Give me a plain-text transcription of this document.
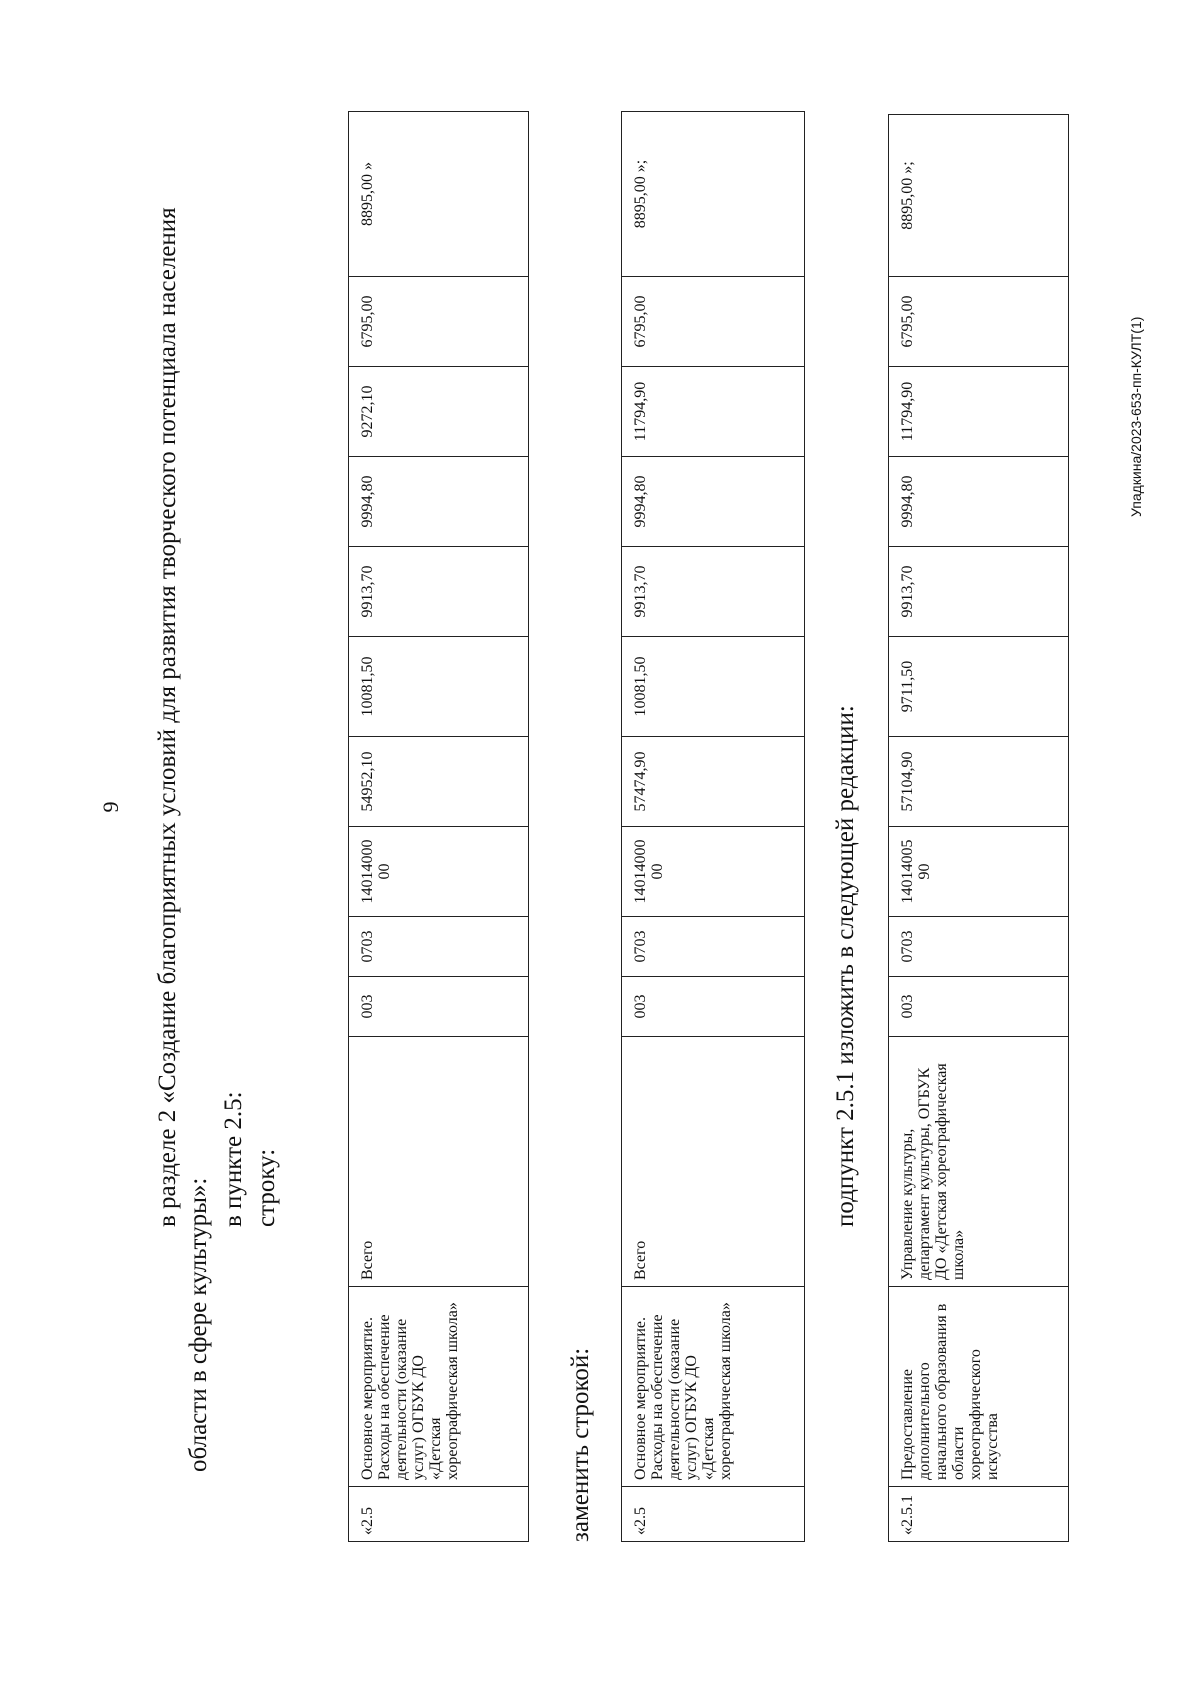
9 в разделе 2 «Создание благоприятных условий для развития творческого потенциала населения области в сфере культуры»:
в пункте 2.5: строку:
«2.5	Основное мероприятие. Расходы на обеспечение деятельности (оказание услуг) ОГБУК ДО «Детская хореографическая школа»	Всего	003	0703	14014000 00	54952,10	10081,50	9913,70	9994,80	9272,10	6795,00	8895,00 »
заменить строкой: «2.5	Основное мероприятие. Расходы на обеспечение деятельности (оказание услуг) ОГБУК ДО «Детская хореографическая школа»	Всего	003	0703	14014000 00	57474,90	10081,50	9913,70	9994,80	11794,90	6795,00	8895,00 »;
подпункт 2.5.1 изложить в следующей редакции:
«2.5.1	Предоставление дополнительного начального образования в области хореографического искусства	Управление культуры, департамент культуры, ОГБУК ДО «Детская хореографическая школа»	003	0703	14014005 90	57104,90	9711,50	9913,70	9994,80	11794,90	6795,00	8895,00 »;
Упадкина/2023-653-пп-КУЛТ(1)
